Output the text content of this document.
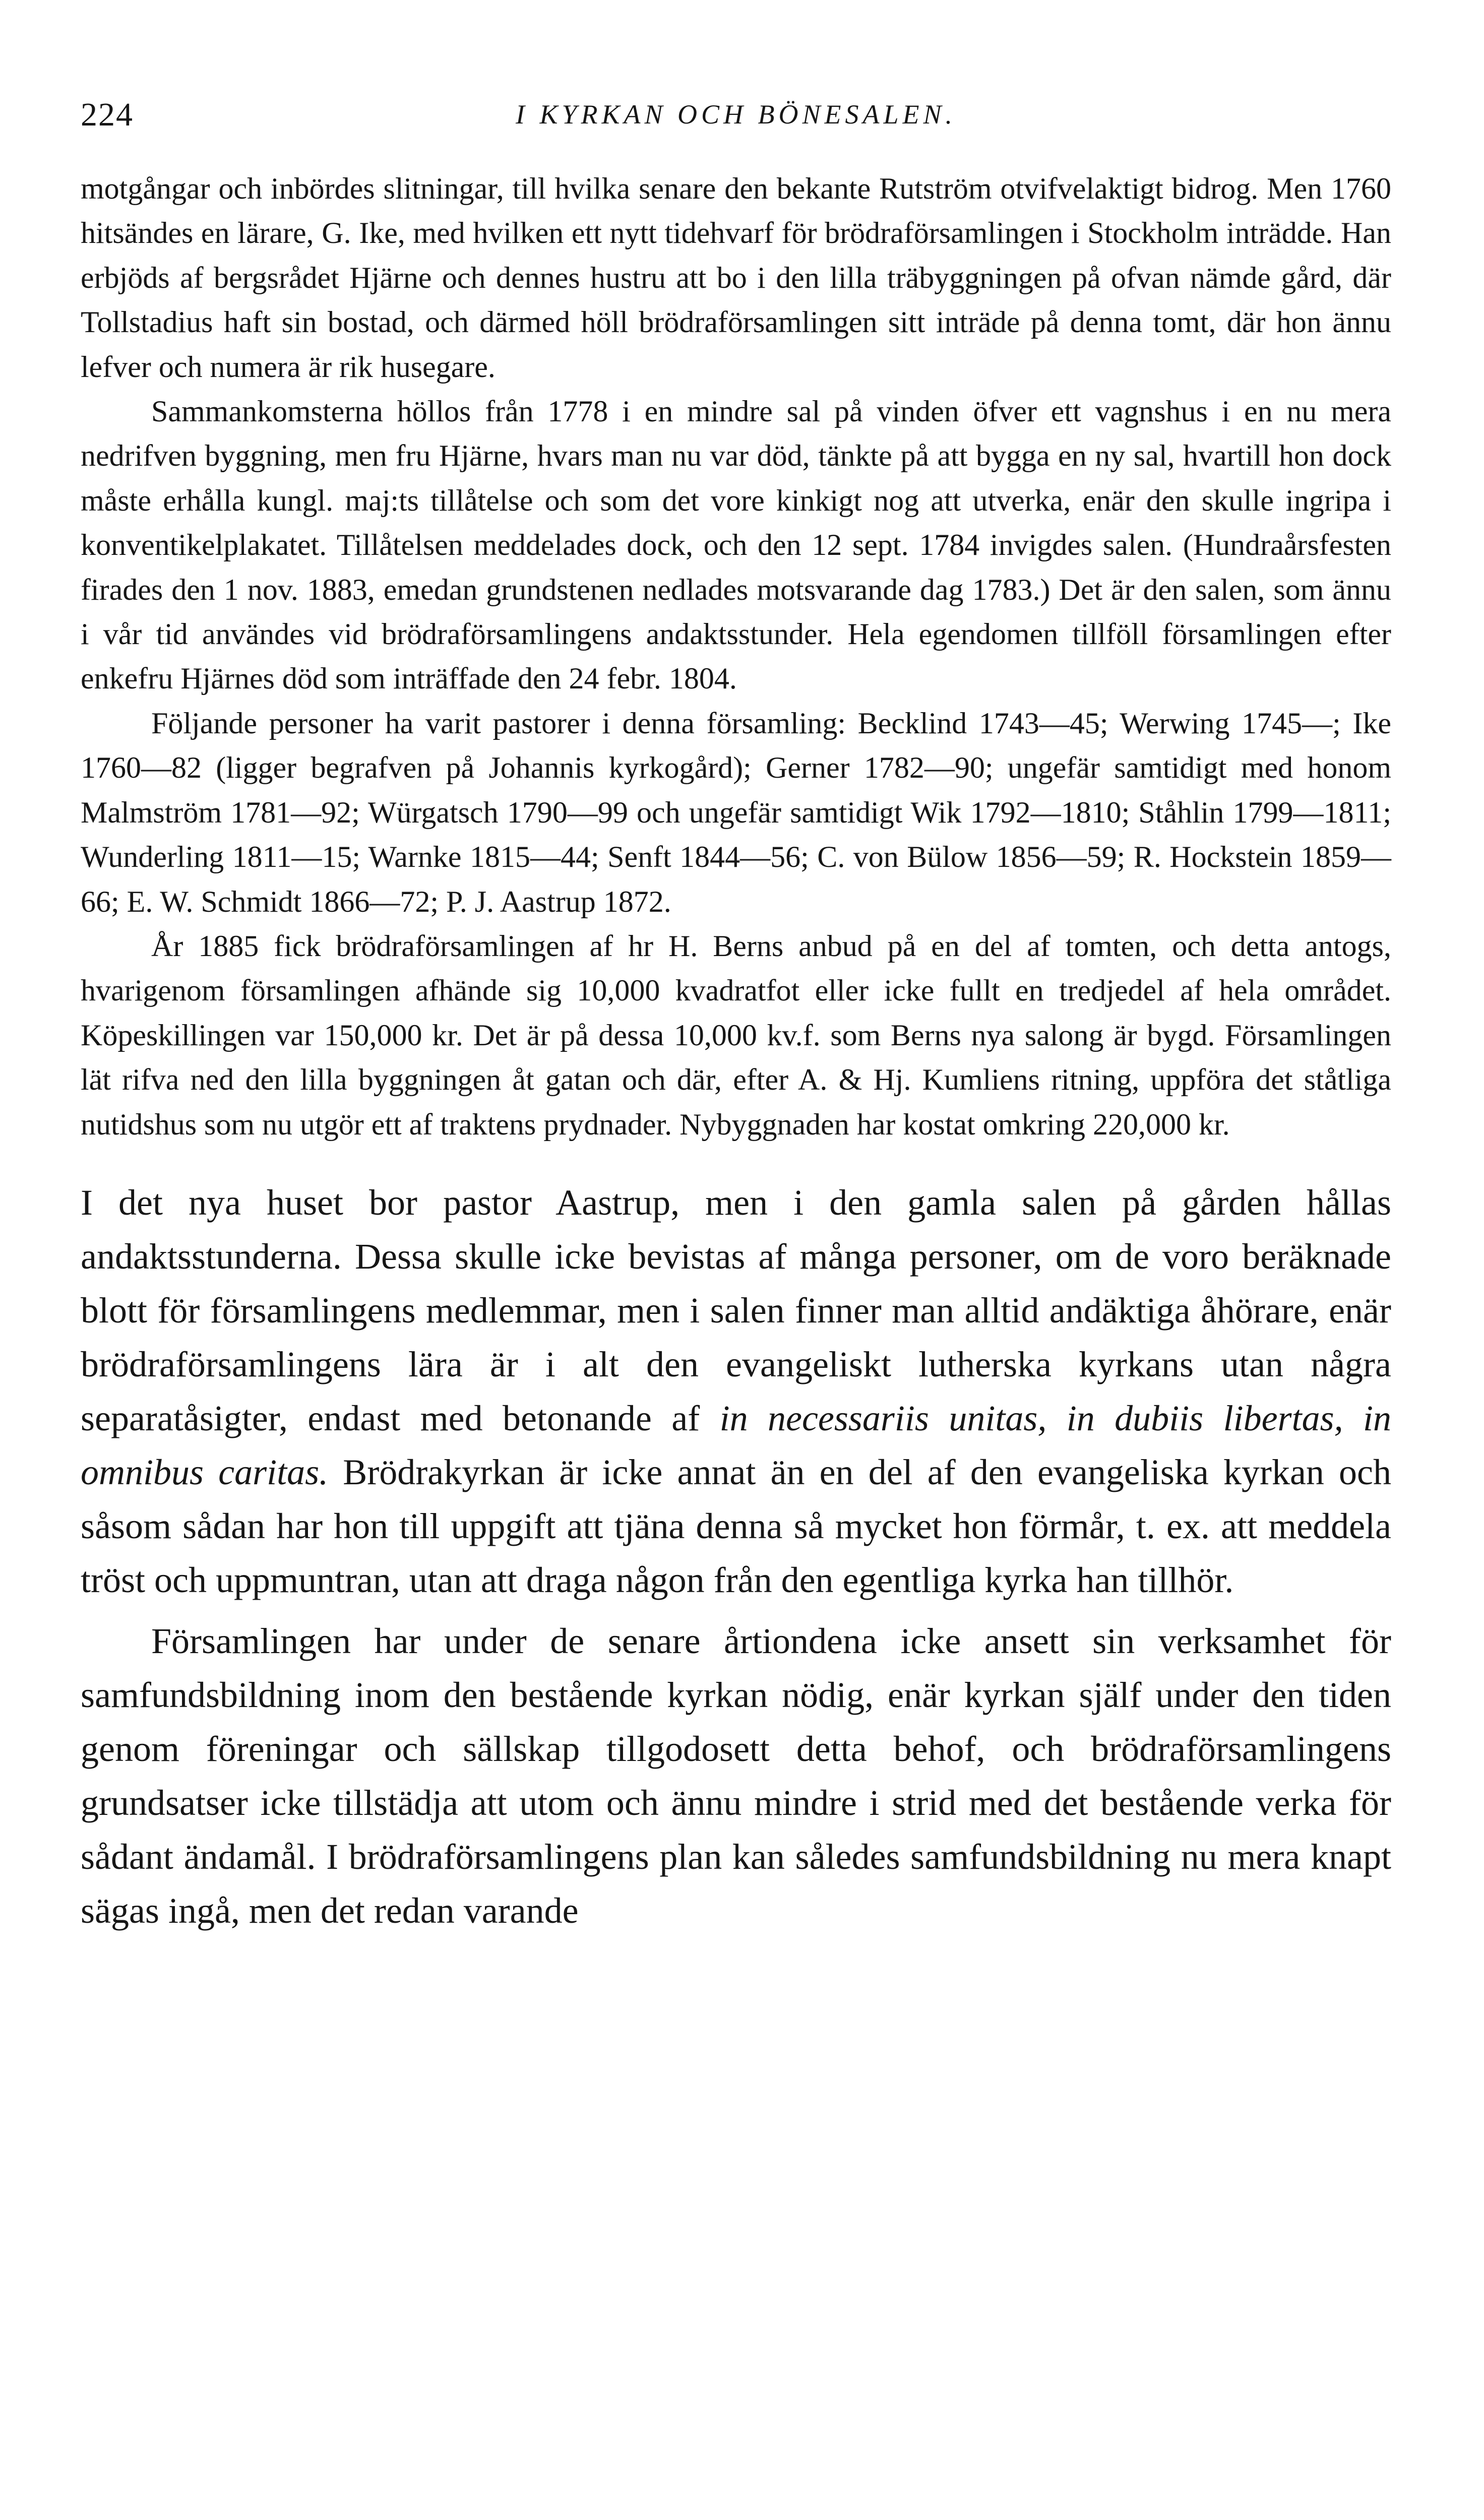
224	I KYRKAN OCH BÖNESALEN.

motgångar och inbördes slitningar, till hvilka senare den bekante Rutström otvifvelaktigt bidrog. Men 1760 hitsändes en lärare, G. Ike, med hvilken ett nytt tidehvarf för brödraförsamlingen i Stockholm inträdde. Han erbjöds af bergsrådet Hjärne och dennes hustru att bo i den lilla träbyggningen på ofvan nämde gård, där Tollstadius haft sin bostad, och därmed höll brödraförsamlingen sitt inträde på denna tomt, där hon ännu lefver och numera är rik husegare.

Sammankomsterna höllos från 1778 i en mindre sal på vinden öfver ett vagnshus i en nu mera nedrifven byggning, men fru Hjärne, hvars man nu var död, tänkte på att bygga en ny sal, hvartill hon dock måste erhålla kungl. maj:ts tillåtelse och som det vore kinkigt nog att utverka, enär den skulle ingripa i konventikelplakatet. Tillåtelsen meddelades dock, och den 12 sept. 1784 invigdes salen. (Hundraårsfesten firades den 1 nov. 1883, emedan grundstenen nedlades motsvarande dag 1783.) Det är den salen, som ännu i vår tid användes vid brödraförsamlingens andaktsstunder. Hela egendomen tillföll församlingen efter enkefru Hjärnes död som inträffade den 24 febr. 1804.

Följande personer ha varit pastorer i denna församling: Becklind 1743—45; Werwing 1745—; Ike 1760—82 (ligger begrafven på Johannis kyrkogård); Gerner 1782—90; ungefär samtidigt med honom Malmström 1781—92; Würgatsch 1790—99 och ungefär samtidigt Wik 1792—1810; Ståhlin 1799—1811; Wunderling 1811—15; Warnke 1815—44; Senft 1844—56; C. von Bülow 1856—59; R. Hockstein 1859—66; E. W. Schmidt 1866—72; P. J. Aastrup 1872.

År 1885 fick brödraförsamlingen af hr H. Berns anbud på en del af tomten, och detta antogs, hvarigenom församlingen afhände sig 10,000 kvadratfot eller icke fullt en tredjedel af hela området. Köpeskillingen var 150,000 kr. Det är på dessa 10,000 kv.f. som Berns nya salong är bygd. Församlingen lät rifva ned den lilla byggningen åt gatan och där, efter A. & Hj. Kumliens ritning, uppföra det ståtliga nutidshus som nu utgör ett af traktens prydnader. Nybyggnaden har kostat omkring 220,000 kr.

I det nya huset bor pastor Aastrup, men i den gamla salen på gården hållas andaktsstunderna. Dessa skulle icke bevistas af många personer, om de voro beräknade blott för församlingens medlemmar, men i salen finner man alltid andäktiga åhörare, enär brödraförsamlingens lära är i alt den evangeliskt lutherska kyrkans utan några separatåsigter, endast med betonande af in necessariis unitas, in dubiis libertas, in omnibus caritas. Brödrakyrkan är icke annat än en del af den evangeliska kyrkan och såsom sådan har hon till uppgift att tjäna denna så mycket hon förmår, t. ex. att meddela tröst och uppmuntran, utan att draga någon från den egentliga kyrka han tillhör.

Församlingen har under de senare årtiondena icke ansett sin verksamhet för samfundsbildning inom den bestående kyrkan nödig, enär kyrkan själf under den tiden genom föreningar och sällskap tillgodosett detta behof, och brödraförsamlingens grundsatser icke tillstädja att utom och ännu mindre i strid med det bestående verka för sådant ändamål. I brödraförsamlingens plan kan således samfundsbildning nu mera knapt sägas ingå, men det redan varande
